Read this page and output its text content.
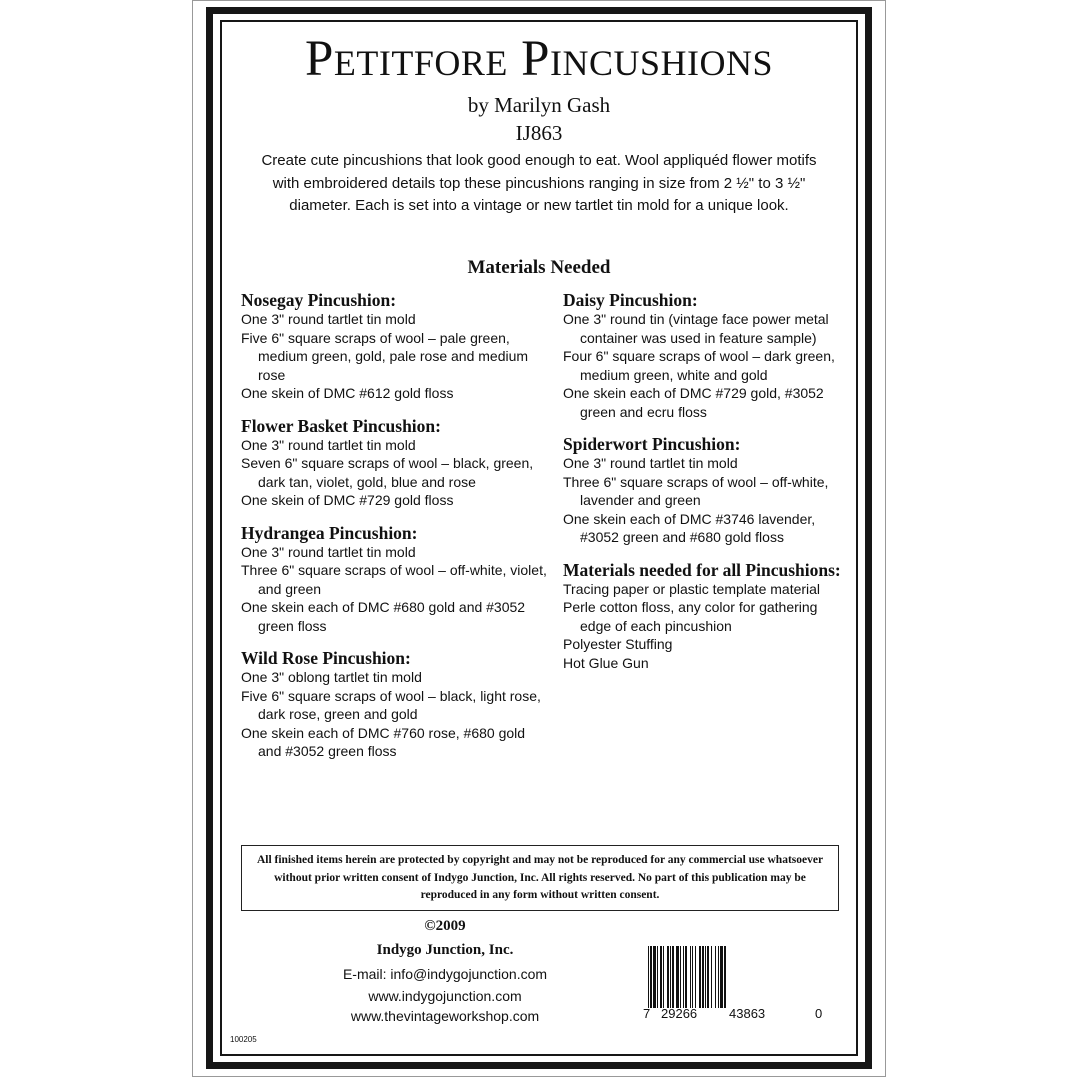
Petitfore Pincushions
by Marilyn Gash
IJ863
Create cute pincushions that look good enough to eat. Wool appliquéd flower motifs with embroidered details top these pincushions ranging in size from 2 ½" to 3 ½" diameter. Each is set into a vintage or new tartlet tin mold for a unique look.
Materials Needed
Nosegay Pincushion:
One 3" round tartlet tin mold
Five 6" square scraps of wool – pale green, medium green, gold, pale rose and medium rose
One skein of DMC #612 gold floss
Flower Basket Pincushion:
One 3" round tartlet tin mold
Seven 6" square scraps of wool – black, green, dark tan, violet, gold, blue and rose
One skein of DMC #729 gold floss
Hydrangea Pincushion:
One 3" round tartlet tin mold
Three 6" square scraps of wool – off-white, violet, and green
One skein each of DMC #680 gold and #3052 green floss
Wild Rose Pincushion:
One 3" oblong tartlet tin mold
Five 6" square scraps of wool – black, light rose, dark rose, green and gold
One skein each of DMC #760 rose, #680 gold and #3052 green floss
Daisy Pincushion:
One 3" round tin (vintage face power metal container was used in feature sample)
Four 6" square scraps of wool – dark green, medium green, white and gold
One skein each of DMC #729 gold, #3052 green and ecru floss
Spiderwort Pincushion:
One 3" round tartlet tin mold
Three 6" square scraps of wool – off-white, lavender and green
One skein each of DMC #3746 lavender, #3052 green and #680 gold floss
Materials needed for all Pincushions:
Tracing paper or plastic template material
Perle cotton floss, any color for gathering edge of each pincushion
Polyester Stuffing
Hot Glue Gun
All finished items herein are protected by copyright and may not be reproduced for any commercial use whatsoever without prior written consent of Indygo Junction, Inc. All rights reserved. No part of this publication may be reproduced in any form without written consent.
©2009
Indygo Junction, Inc.
E-mail: info@indygojunction.com
www.indygojunction.com
www.thevintageworkshop.com
100205
7 29266 43863	0
